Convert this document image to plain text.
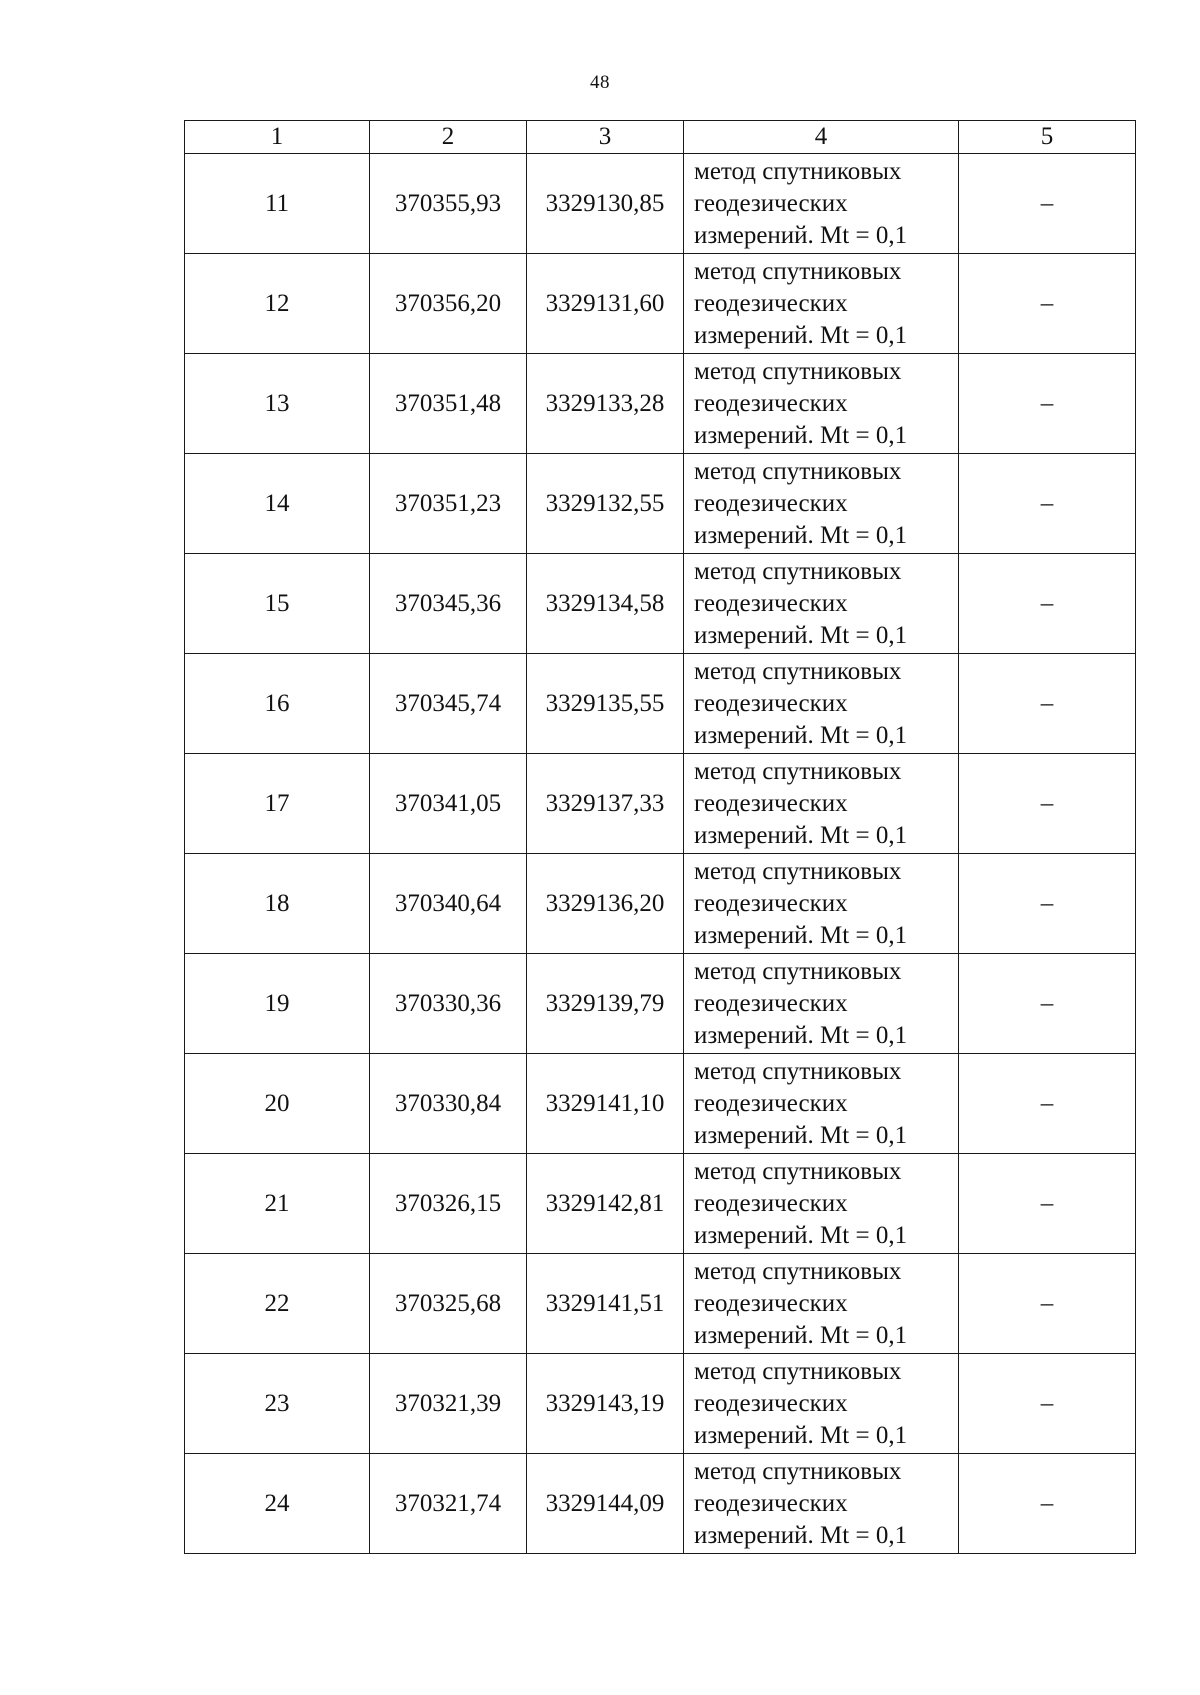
48
1	2	3	4	5
11	370355,93	3329130,85	метод спутниковых
геодезических
измерений. Mt = 0,1	–
12	370356,20	3329131,60	метод спутниковых
геодезических
измерений. Mt = 0,1	–
13	370351,48	3329133,28	метод спутниковых
геодезических
измерений. Mt = 0,1	–
14	370351,23	3329132,55	метод спутниковых
геодезических
измерений. Mt = 0,1	–
15	370345,36	3329134,58	метод спутниковых
геодезических
измерений. Mt = 0,1	–
16	370345,74	3329135,55	метод спутниковых
геодезических
измерений. Mt = 0,1	–
17	370341,05	3329137,33	метод спутниковых
геодезических
измерений. Mt = 0,1	–
18	370340,64	3329136,20	метод спутниковых
геодезических
измерений. Mt = 0,1	–
19	370330,36	3329139,79	метод спутниковых
геодезических
измерений. Mt = 0,1	–
20	370330,84	3329141,10	метод спутниковых
геодезических
измерений. Mt = 0,1	–
21	370326,15	3329142,81	метод спутниковых
геодезических
измерений. Mt = 0,1	–
22	370325,68	3329141,51	метод спутниковых
геодезических
измерений. Mt = 0,1	–
23	370321,39	3329143,19	метод спутниковых
геодезических
измерений. Mt = 0,1	–
24	370321,74	3329144,09	метод спутниковых
геодезических
измерений. Mt = 0,1	–
